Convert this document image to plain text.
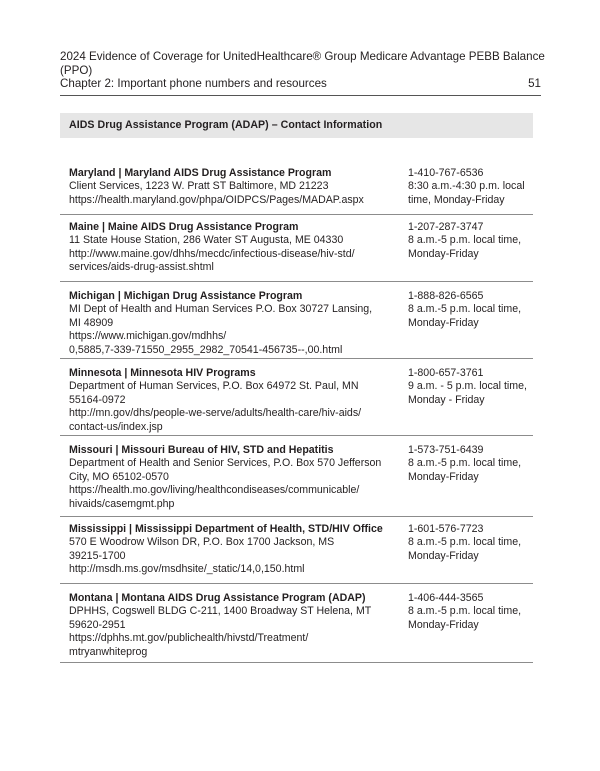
2024 Evidence of Coverage for UnitedHealthcare® Group Medicare Advantage PEBB Balance

(PPO)

Chapter 2: Important phone numbers and resources	51
AIDS Drug Assistance Program (ADAP) – Contact Information

Maryland | Maryland AIDS Drug Assistance Program

Client Services, 1223 W. Pratt ST Baltimore, MD 21223

https://health.maryland.gov/phpa/OIDPCS/Pages/MADAP.aspx

1-410-767-6536

8:30 a.m.-4:30 p.m. local

time, Monday-Friday

Maine | Maine AIDS Drug Assistance Program

11 State House Station, 286 Water ST Augusta, ME 04330

http://www.maine.gov/dhhs/mecdc/infectious-disease/hiv-std/

services/aids-drug-assist.shtml

1-207-287-3747

8 a.m.-5 p.m. local time,

Monday-Friday

Michigan | Michigan Drug Assistance Program

MI Dept of Health and Human Services P.O. Box 30727 Lansing,

MI 48909

https://www.michigan.gov/mdhhs/

0,5885,7-339-71550_2955_2982_70541-456735--,00.html

1-888-826-6565

8 a.m.-5 p.m. local time,

Monday-Friday

Minnesota | Minnesota HIV Programs

Department of Human Services, P.O. Box 64972 St. Paul, MN

55164-0972

http://mn.gov/dhs/people-we-serve/adults/health-care/hiv-aids/

contact-us/index.jsp

1-800-657-3761

9 a.m. - 5 p.m. local time,

Monday - Friday

Missouri | Missouri Bureau of HIV, STD and Hepatitis

Department of Health and Senior Services, P.O. Box 570 Jefferson

City, MO 65102-0570

https://health.mo.gov/living/healthcondiseases/communicable/

hivaids/casemgmt.php

1-573-751-6439

8 a.m.-5 p.m. local time,

Monday-Friday

Mississippi | Mississippi Department of Health, STD/HIV Office

570 E Woodrow Wilson DR, P.O. Box 1700 Jackson, MS

39215-1700

http://msdh.ms.gov/msdhsite/_static/14,0,150.html

1-601-576-7723

8 a.m.-5 p.m. local time,

Monday-Friday

Montana | Montana AIDS Drug Assistance Program (ADAP)

DPHHS, Cogswell BLDG C-211, 1400 Broadway ST Helena, MT

59620-2951

https://dphhs.mt.gov/publichealth/hivstd/Treatment/

mtryanwhiteprog

1-406-444-3565

8 a.m.-5 p.m. local time,

Monday-Friday
